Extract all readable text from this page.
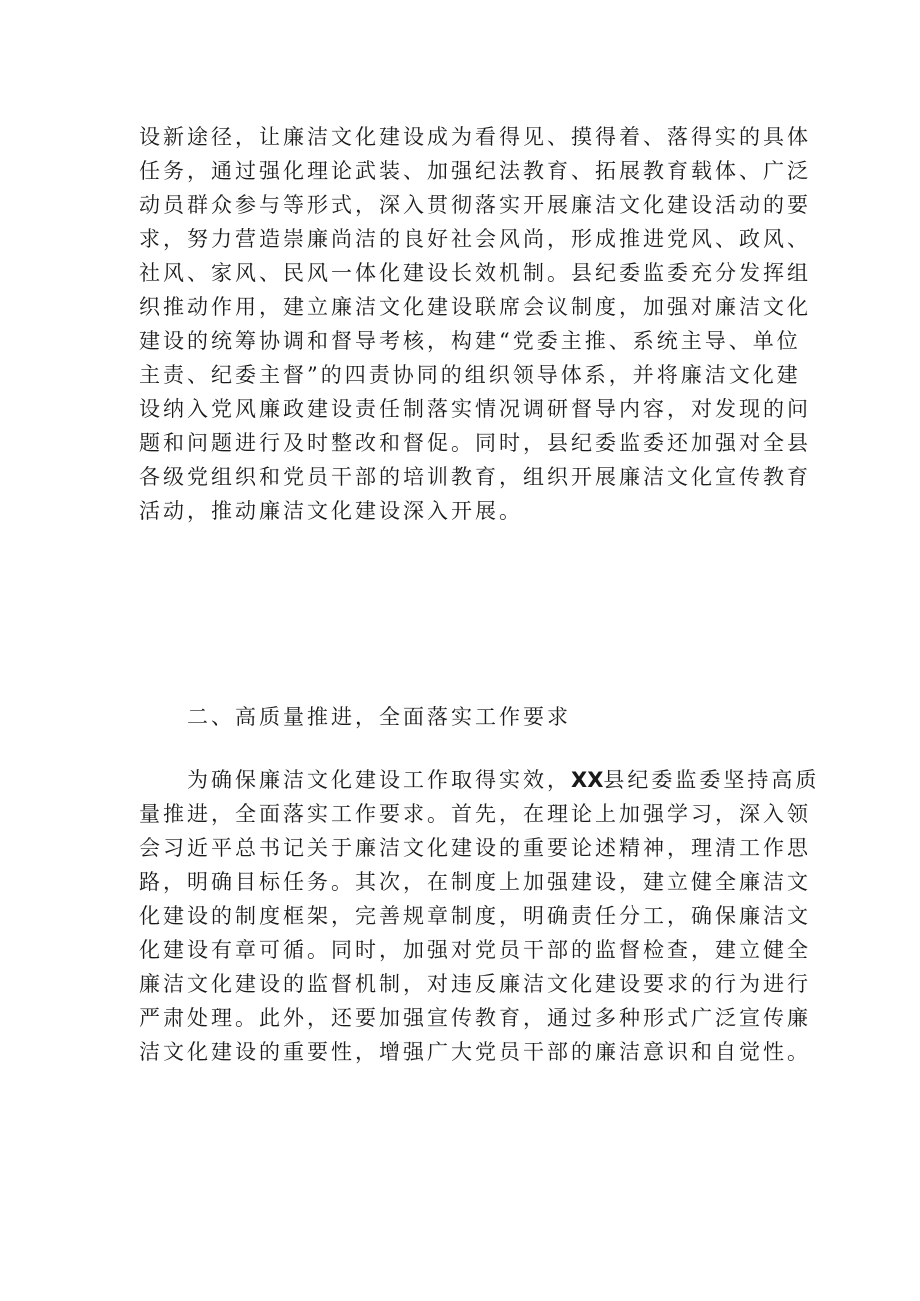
设新途径，让廉洁文化建设成为看得见、摸得着、落得实的具体
任务，通过强化理论武装、加强纪法教育、拓展教育载体、广泛
动员群众参与等形式，深入贯彻落实开展廉洁文化建设活动的要
求，努力营造崇廉尚洁的良好社会风尚，形成推进党风、政风、
社风、家风、民风一体化建设长效机制。县纪委监委充分发挥组
织推动作用，建立廉洁文化建设联席会议制度，加强对廉洁文化
建设的统筹协调和督导考核，构建“党委主推、系统主导、单位
主责、纪委主督”的四责协同的组织领导体系，并将廉洁文化建
设纳入党风廉政建设责任制落实情况调研督导内容，对发现的问
题和问题进行及时整改和督促。同时，县纪委监委还加强对全县
各级党组织和党员干部的培训教育，组织开展廉洁文化宣传教育
活动，推动廉洁文化建设深入开展。
二、高质量推进，全面落实工作要求
为确保廉洁文化建设工作取得实效，XX县纪委监委坚持高质
量推进，全面落实工作要求。首先，在理论上加强学习，深入领
会习近平总书记关于廉洁文化建设的重要论述精神，理清工作思
路，明确目标任务。其次，在制度上加强建设，建立健全廉洁文
化建设的制度框架，完善规章制度，明确责任分工，确保廉洁文
化建设有章可循。同时，加强对党员干部的监督检查，建立健全
廉洁文化建设的监督机制，对违反廉洁文化建设要求的行为进行
严肃处理。此外，还要加强宣传教育，通过多种形式广泛宣传廉
洁文化建设的重要性，增强广大党员干部的廉洁意识和自觉性。
